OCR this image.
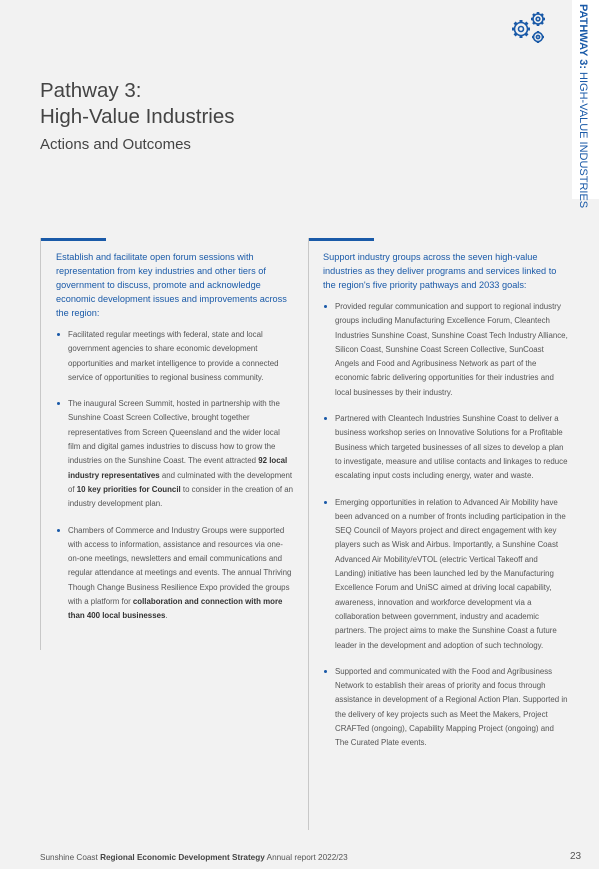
PATHWAY 3: HIGH-VALUE INDUSTRIES
Pathway 3:
High-Value Industries
Actions and Outcomes

Establish and facilitate open forum sessions with representation from key industries and other tiers of government to discuss, promote and acknowledge economic development issues and improvements across the region:

Facilitated regular meetings with federal, state and local government agencies to share economic development opportunities and market intelligence to provide a connected service of opportunities to regional business community.
The inaugural Screen Summit, hosted in partnership with the Sunshine Coast Screen Collective, brought together representatives from Screen Queensland and the wider local film and digital games industries to discuss how to grow the industries on the Sunshine Coast. The event attracted 92 local industry representatives and culminated with the development of 10 key priorities for Council to consider in the creation of an industry development plan.
Chambers of Commerce and Industry Groups were supported with access to information, assistance and resources via one-on-one meetings, newsletters and email communications and regular attendance at meetings and events. The annual Thriving Though Change Business Resilience Expo provided the groups with a platform for collaboration and connection with more than 400 local businesses.

Support industry groups across the seven high-value industries as they deliver programs and services linked to the region's five priority pathways and 2033 goals:

Provided regular communication and support to regional industry groups including Manufacturing Excellence Forum, Cleantech Industries Sunshine Coast, Sunshine Coast Tech Industry Alliance, Silicon Coast, Sunshine Coast Screen Collective, SunCoast Angels and Food and Agribusiness Network as part of the economic fabric delivering opportunities for their industries and local businesses by their industry.
Partnered with Cleantech Industries Sunshine Coast to deliver a business workshop series on Innovative Solutions for a Profitable Business which targeted businesses of all sizes to develop a plan to investigate, measure and utilise contacts and linkages to reduce escalating input costs including energy, water and waste.
Emerging opportunities in relation to Advanced Air Mobility have been advanced on a number of fronts including participation in the SEQ Council of Mayors project and direct engagement with key players such as Wisk and Airbus. Importantly, a Sunshine Coast Advanced Air Mobility/eVTOL (electric Vertical Takeoff and Landing) initiative has been launched led by the Manufacturing Excellence Forum and UniSC aimed at driving local capability, awareness, innovation and workforce development via a collaboration between government, industry and academic partners. The project aims to make the Sunshine Coast a future leader in the development and adoption of such technology.
Supported and communicated with the Food and Agribusiness Network to establish their areas of priority and focus through assistance in development of a Regional Action Plan. Supported in the delivery of key projects such as Meet the Makers, Project CRAFTed (ongoing), Capability Mapping Project (ongoing) and The Curated Plate events.
Sunshine Coast Regional Economic Development Strategy Annual report 2022/23	23
